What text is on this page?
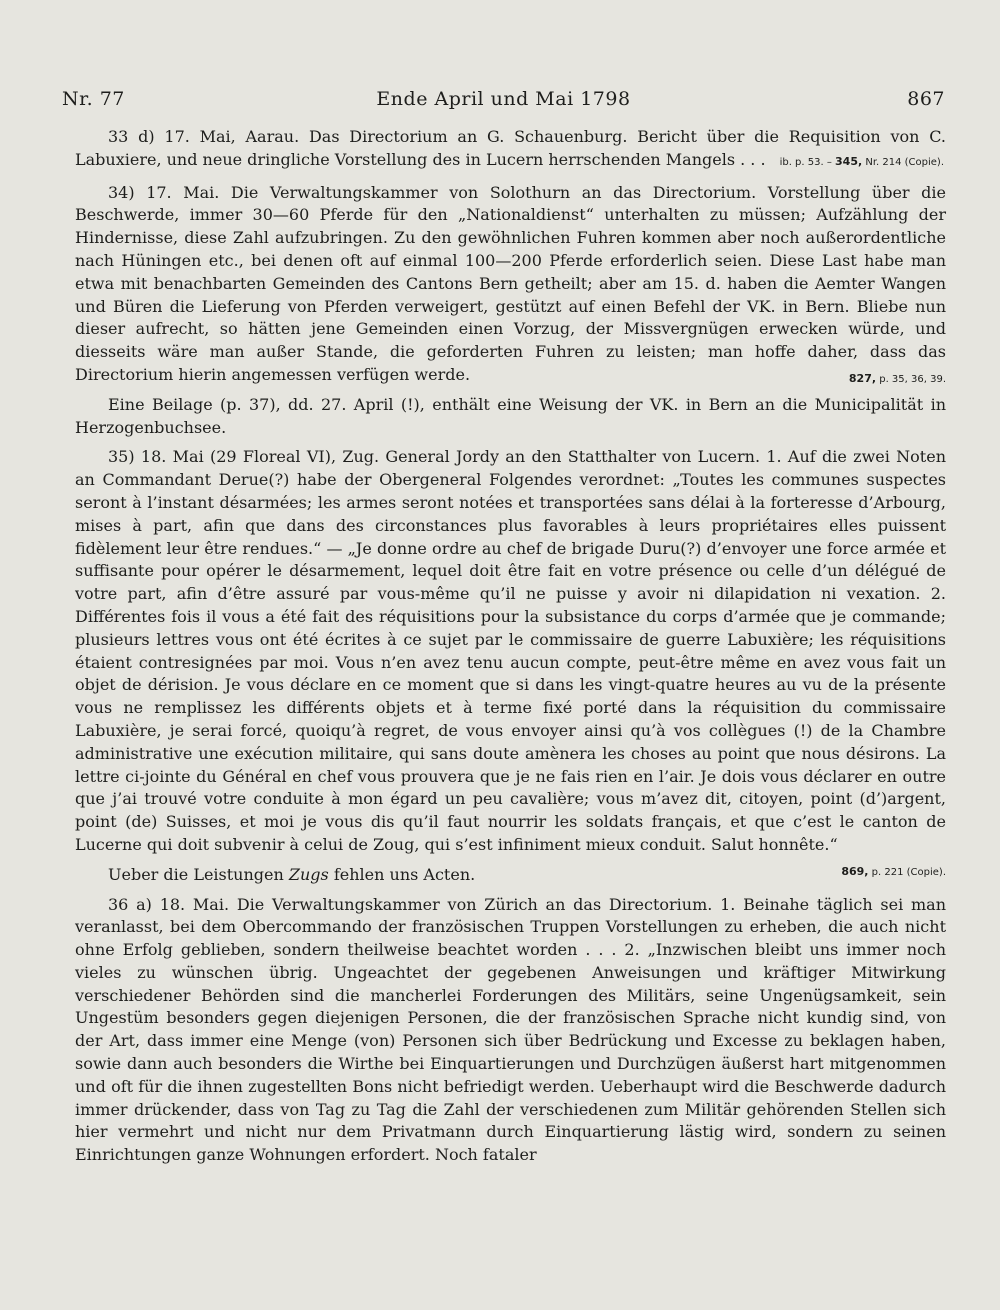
Nr. 77	Ende April und Mai 1798	867

33 d) 17. Mai, Aarau. Das Directorium an G. Schauenburg. Bericht über die Requisition von C. Labuxiere, und neue dringliche Vorstellung des in Lucern herrschenden Mangels . . . ib. p. 53. – 345, Nr. 214 (Copie).

34) 17. Mai. Die Verwaltungskammer von Solothurn an das Directorium. Vorstellung über die Beschwerde, immer 30—60 Pferde für den „Nationaldienst“ unterhalten zu müssen; Aufzählung der Hindernisse, diese Zahl aufzubringen. Zu den gewöhnlichen Fuhren kommen aber noch außerordentliche nach Hüningen etc., bei denen oft auf einmal 100—200 Pferde erforderlich seien. Diese Last habe man etwa mit benachbarten Gemeinden des Cantons Bern getheilt; aber am 15. d. haben die Aemter Wangen und Büren die Lieferung von Pferden verweigert, gestützt auf einen Befehl der VK. in Bern. Bliebe nun dieser aufrecht, so hätten jene Gemeinden einen Vorzug, der Missvergnügen erwecken würde, und diesseits wäre man außer Stande, die geforderten Fuhren zu leisten; man hoffe daher, dass das Directorium hierin angemessen verfügen werde.	827, p. 35, 36, 39.

Eine Beilage (p. 37), dd. 27. April (!), enthält eine Weisung der VK. in Bern an die Municipalität in Herzogenbuchsee.

35) 18. Mai (29 Floreal VI), Zug. General Jordy an den Statthalter von Lucern. 1. Auf die zwei Noten an Commandant Derue(?) habe der Obergeneral Folgendes verordnet: „Toutes les communes suspectes seront à l’instant désarmées; les armes seront notées et transportées sans délai à la forteresse d’Arbourg, mises à part, afin que dans des circonstances plus favorables à leurs propriétaires elles puissent fidèlement leur être rendues.“ — „Je donne ordre au chef de brigade Duru(?) d’envoyer une force armée et suffisante pour opérer le désarmement, lequel doit être fait en votre présence ou celle d’un délégué de votre part, afin d’être assuré par vous-même qu’il ne puisse y avoir ni dilapidation ni vexation. 2. Différentes fois il vous a été fait des réquisitions pour la subsistance du corps d’armée que je commande; plusieurs lettres vous ont été écrites à ce sujet par le commissaire de guerre Labuxière; les réquisitions étaient contresignées par moi. Vous n’en avez tenu aucun compte, peut-être même en avez vous fait un objet de dérision. Je vous déclare en ce moment que si dans les vingt-quatre heures au vu de la présente vous ne remplissez les différents objets et à terme fixé porté dans la réquisition du commissaire Labuxière, je serai forcé, quoiqu’à regret, de vous envoyer ainsi qu’à vos collègues (!) de la Chambre administrative une exécution militaire, qui sans doute amènera les choses au point que nous désirons. La lettre ci-jointe du Général en chef vous prouvera que je ne fais rien en l’air. Je dois vous déclarer en outre que j’ai trouvé votre conduite à mon égard un peu cavalière; vous m’avez dit, citoyen, point (d’)argent, point (de) Suisses, et moi je vous dis qu’il faut nourrir les soldats français, et que c’est le canton de Lucerne qui doit subvenir à celui de Zoug, qui s’est infiniment mieux conduit. Salut honnête.“
869, p. 221 (Copie).

Ueber die Leistungen Zugs fehlen uns Acten.

36 a) 18. Mai. Die Verwaltungskammer von Zürich an das Directorium. 1. Beinahe täglich sei man veranlasst, bei dem Obercommando der französischen Truppen Vorstellungen zu erheben, die auch nicht ohne Erfolg geblieben, sondern theilweise beachtet worden . . . 2. „Inzwischen bleibt uns immer noch vieles zu wünschen übrig. Ungeachtet der gegebenen Anweisungen und kräftiger Mitwirkung verschiedener Behörden sind die mancherlei Forderungen des Militärs, seine Ungenügsamkeit, sein Ungestüm besonders gegen diejenigen Personen, die der französischen Sprache nicht kundig sind, von der Art, dass immer eine Menge (von) Personen sich über Bedrückung und Excesse zu beklagen haben, sowie dann auch besonders die Wirthe bei Einquartierungen und Durchzügen äußerst hart mitgenommen und oft für die ihnen zugestellten Bons nicht befriedigt werden. Ueberhaupt wird die Beschwerde dadurch immer drückender, dass von Tag zu Tag die Zahl der verschiedenen zum Militär gehörenden Stellen sich hier vermehrt und nicht nur dem Privatmann durch Einquartierung lästig wird, sondern zu seinen Einrichtungen ganze Wohnungen erfordert. Noch fataler
